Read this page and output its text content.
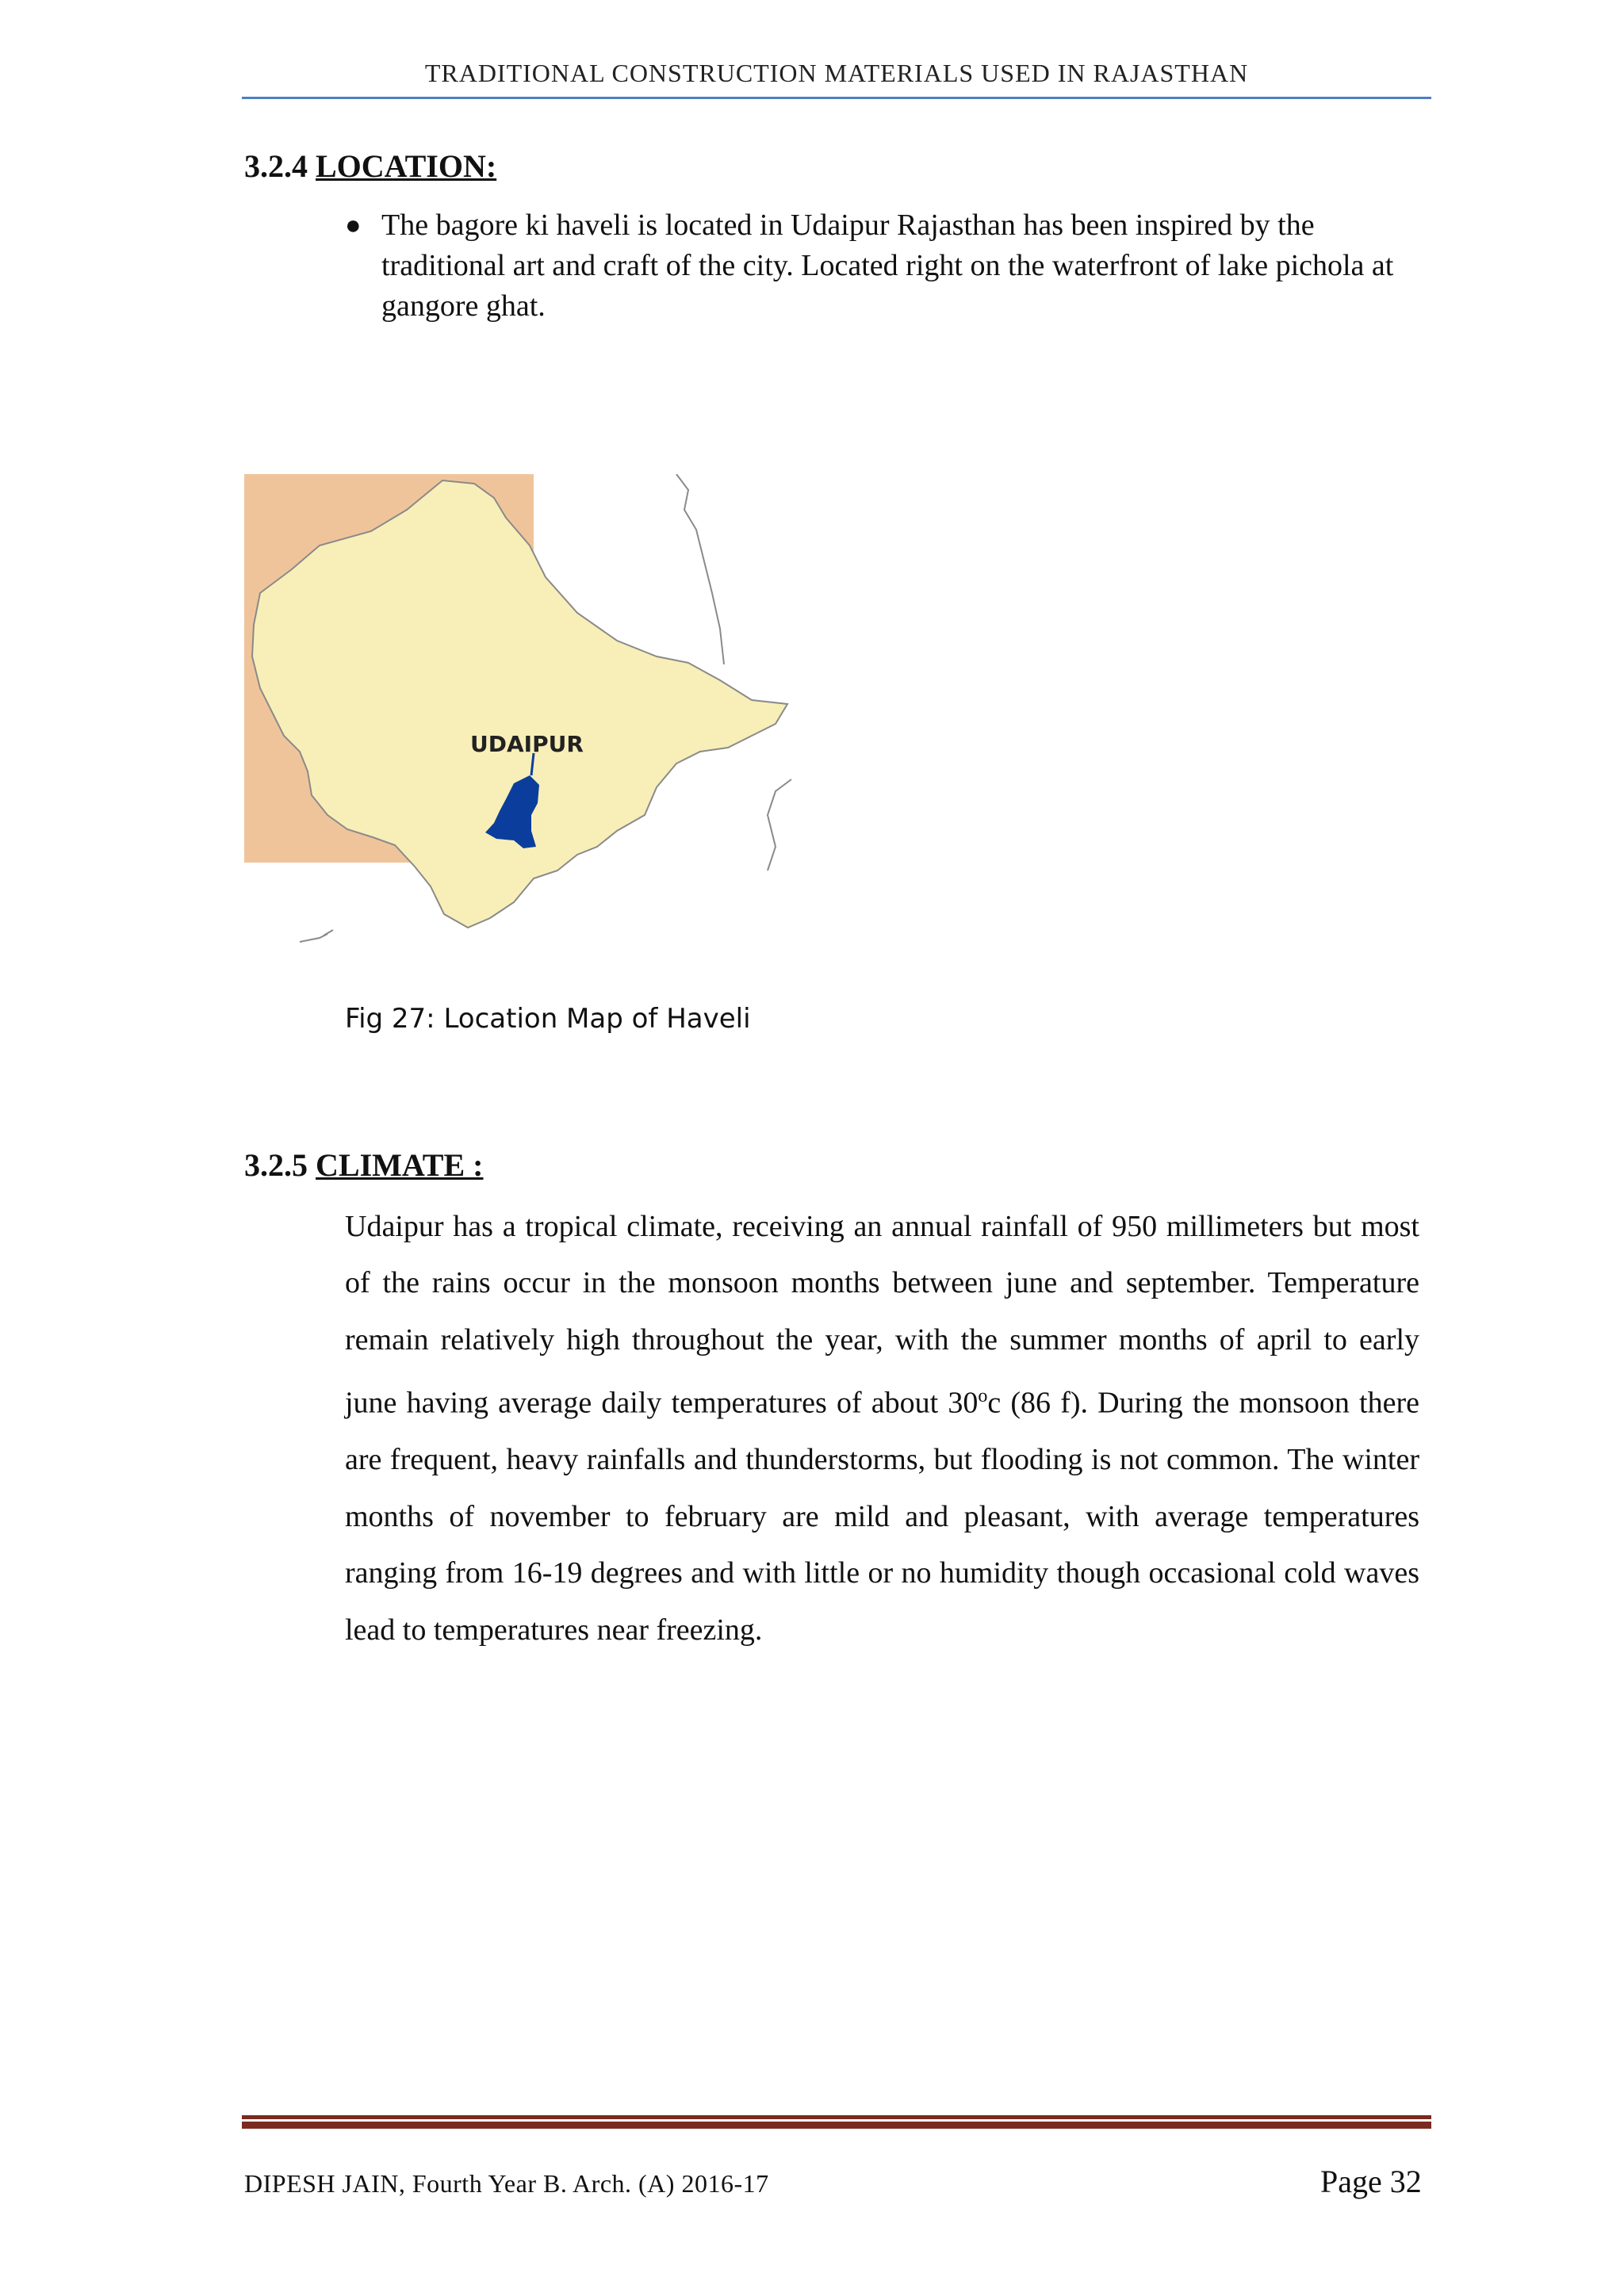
TRADITIONAL CONSTRUCTION MATERIALS USED IN RAJASTHAN
3.2.4 LOCATION:
● The bagore ki haveli is located in Udaipur Rajasthan has been inspired by the traditional art and craft of the city. Located right on the waterfront of lake pichola at gangore ghat.
UDAIPUR
Fig 27: Location Map of Haveli
3.2.5 CLIMATE :
Udaipur has a tropical climate, receiving an annual rainfall of 950 millimeters but most of the rains occur in the monsoon months between june and september. Temperature remain relatively high throughout the year, with the summer months of april to early june having average daily temperatures of about 30$^o$c (86 f). During the monsoon there are frequent, heavy rainfalls and thunderstorms, but flooding is not common. The winter months of november to february are mild and pleasant, with average temperatures ranging from 16-19 degrees and with little or no humidity though occasional cold waves lead to temperatures near freezing.
DIPESH JAIN, Fourth Year B. Arch. (A) 2016-17	Page 32
